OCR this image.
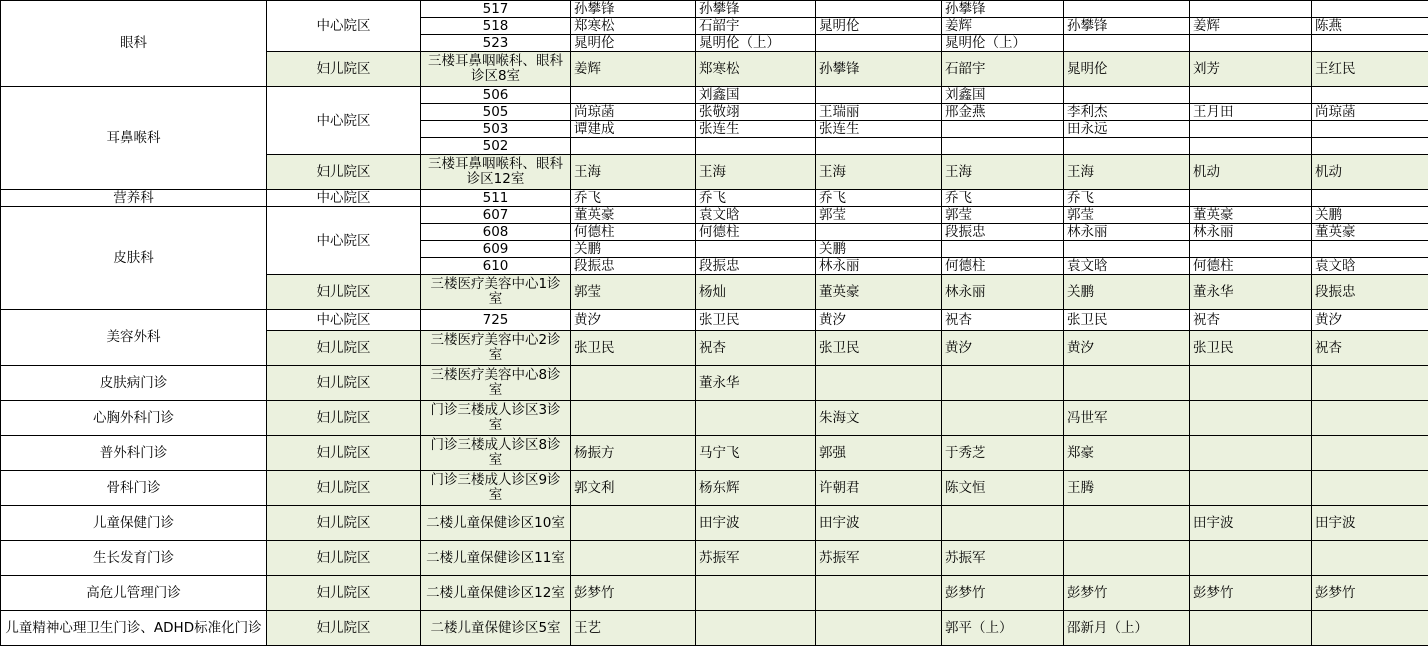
眼科	中心院区	517	孙攀锋	孙攀锋		孙攀锋			
		518	郑寒松	石韶宇	晁明伦	姜辉	孙攀锋	姜辉	陈燕
		523	晁明伦	晁明伦（上）		晁明伦（上）			
	妇儿院区	三楼耳鼻咽喉科、眼科诊区8室	姜辉	郑寒松	孙攀锋	石韶宇	晁明伦	刘芳	王红民
耳鼻喉科	中心院区	506		刘鑫国		刘鑫国			
		505	尚琼菡	张敬翊	王瑞丽	邢金燕	李利杰	王月田	尚琼菡
		503	谭建成	张连生	张连生		田永远		
		502							
	妇儿院区	三楼耳鼻咽喉科、眼科诊区12室	王海	王海	王海	王海	王海	机动	机动
营养科	中心院区	511	乔飞	乔飞	乔飞	乔飞	乔飞		
皮肤科	中心院区	607	董英豪	袁文晗	郭莹	郭莹	郭莹	董英豪	关鹏
		608	何德柱	何德柱		段振忠	林永丽	林永丽	董英豪
		609	关鹏		关鹏				
		610	段振忠	段振忠	林永丽	何德柱	袁文晗	何德柱	袁文晗
	妇儿院区	三楼医疗美容中心1诊室	郭莹	杨灿	董英豪	林永丽	关鹏	董永华	段振忠
美容外科	中心院区	725	黄汐	张卫民	黄汐	祝杏	张卫民	祝杏	黄汐
	妇儿院区	三楼医疗美容中心2诊室	张卫民	祝杏	张卫民	黄汐	黄汐	张卫民	祝杏
皮肤病门诊	妇儿院区	三楼医疗美容中心8诊室		董永华					
心胸外科门诊	妇儿院区	门诊三楼成人诊区3诊室			朱海文		冯世军		
普外科门诊	妇儿院区	门诊三楼成人诊区8诊室	杨振方	马宁飞	郭强	于秀芝	郑豪		
骨科门诊	妇儿院区	门诊三楼成人诊区9诊室	郭文利	杨东辉	许朝君	陈文恒	王腾		
儿童保健门诊	妇儿院区	二楼儿童保健诊区10室		田宇波	田宇波			田宇波	田宇波
生长发育门诊	妇儿院区	二楼儿童保健诊区11室		苏振军	苏振军	苏振军			
高危儿管理门诊	妇儿院区	二楼儿童保健诊区12室	彭梦竹			彭梦竹	彭梦竹	彭梦竹	彭梦竹
儿童精神心理卫生门诊、ADHD标准化门诊	妇儿院区	二楼儿童保健诊区5室	王艺			郭平（上）	邵新月（上）		
